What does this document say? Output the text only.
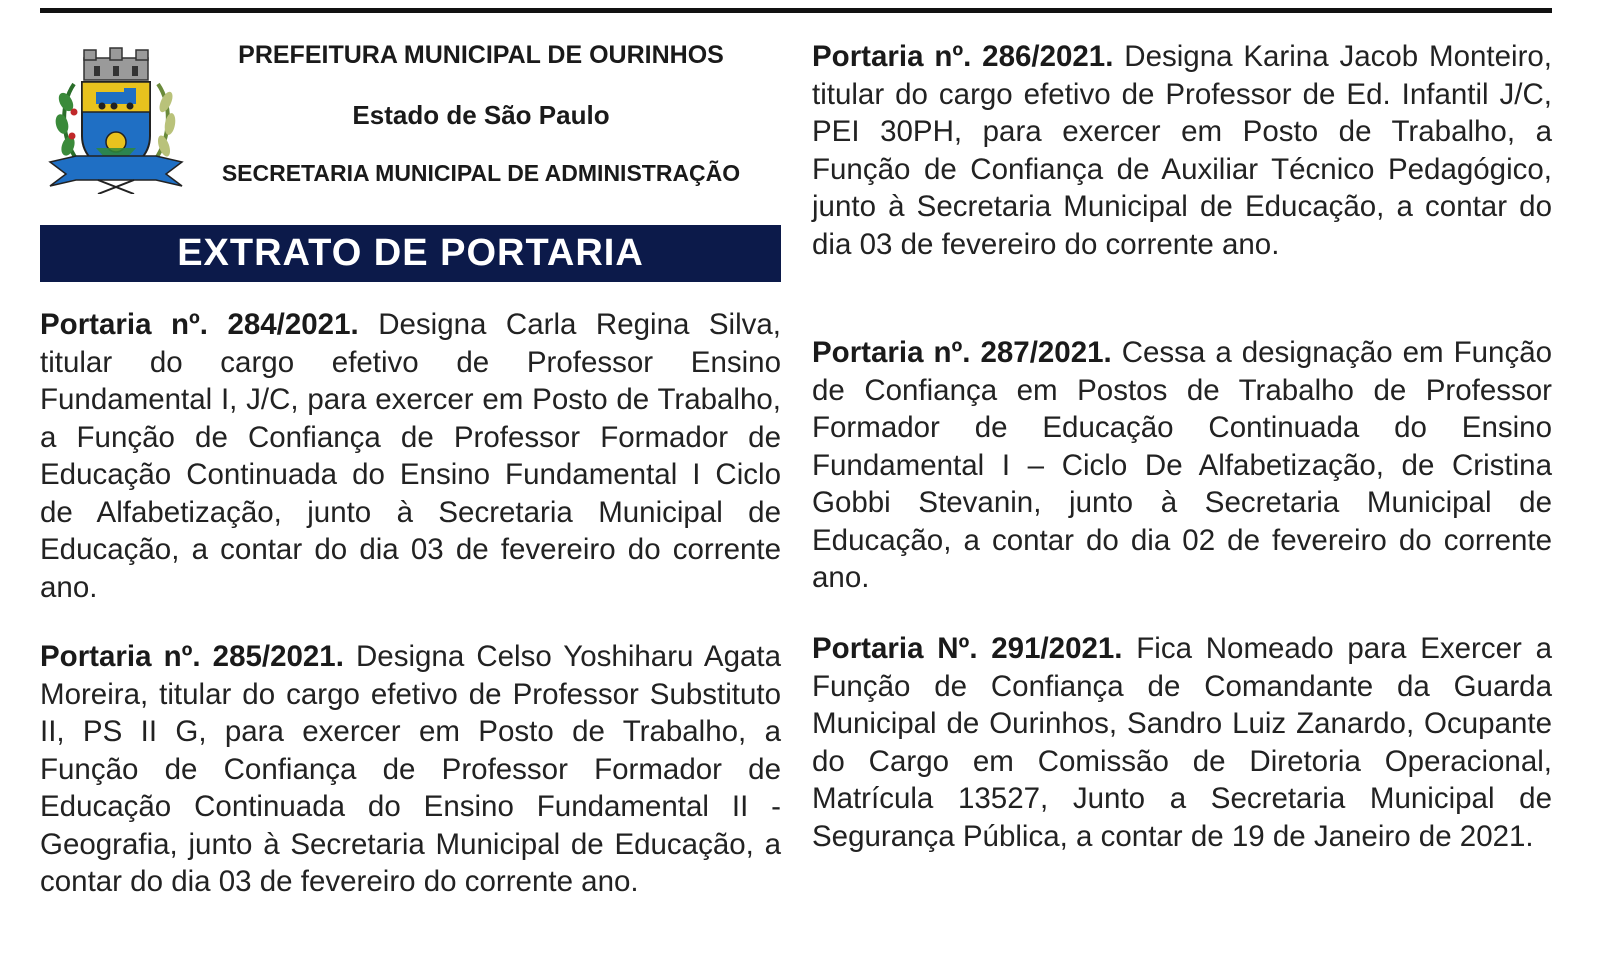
PREFEITURA MUNICIPAL DE OURINHOS
Estado de São Paulo
SECRETARIA MUNICIPAL DE ADMINISTRAÇÃO
EXTRATO DE PORTARIA

Portaria nº. 284/2021. Designa Carla Regina Silva, titular do cargo efetivo de Professor Ensino Fundamental I, J/C, para exercer em Posto de Trabalho, a Função de Confiança de Professor Formador de Educação Continuada do Ensino Fundamental I Ciclo de Alfabetização, junto à Secretaria Municipal de Educação, a contar do dia 03 de fevereiro do corrente ano.

Portaria nº. 285/2021. Designa Celso Yoshiharu Agata Moreira, titular do cargo efetivo de Professor Substituto II, PS II G, para exercer em Posto de Trabalho, a Função de Confiança de Professor Formador de Educação Continuada do Ensino Fundamental II - Geografia, junto à Secretaria Municipal de Educação, a contar do dia 03 de fevereiro do corrente ano.

Portaria nº. 286/2021. Designa Karina Jacob Monteiro, titular do cargo efetivo de Professor de Ed. Infantil J/C, PEI 30PH, para exercer em Posto de Trabalho, a Função de Confiança de Auxiliar Técnico Pedagógico, junto à Secretaria Municipal de Educação, a contar do dia 03 de fevereiro do corrente ano.

Portaria nº. 287/2021. Cessa a designação em Função de Confiança em Postos de Trabalho de Professor Formador de Educação Continuada do Ensino Fundamental I – Ciclo De Alfabetização, de Cristina Gobbi Stevanin, junto à Secretaria Municipal de Educação, a contar do dia 02 de fevereiro do corrente ano.

Portaria Nº. 291/2021. Fica Nomeado para Exercer a Função de Confiança de Comandante da Guarda Municipal de Ourinhos, Sandro Luiz Zanardo, Ocupante do Cargo em Comissão de Diretoria Operacional, Matrícula 13527, Junto a Secretaria Municipal de Segurança Pública, a contar de 19 de Janeiro de 2021.
